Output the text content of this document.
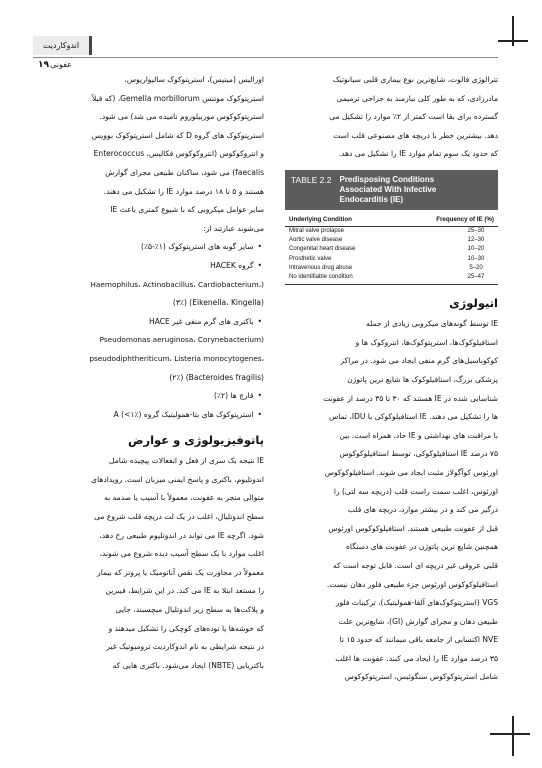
اندوکاردیت عفونی
۱۹

تترالوژی فالوت، شایع‌ترین نوع بیماری قلبی سیانوتیک

مادرزادی، که به طور کلی نیازمند به جراحی ترمیمی

گسترده برای بقا است کمتر از ۲٪ موارد را تشکیل می

دهد. بیشترین خطر با دریچه های مصنوعی قلب است

که حدود یک سوم تمام موارد IE را تشکیل می دهد.

TABLE 2.2 Predisposing Conditions
Associated With Infective
Endocarditis (IE)
Underlying Condition	Frequency of IE (%)
Mitral valve prolapse	25–30
Aortic valve disease	12–30
Congenital heart disease	10–20
Prosthetic valve	10–30
Intravenous drug abuse	5–20
No identifiable condition	25–47
اتیولوژی

IE توسط گونه‌های میکروبی زیادی از جمله

استافیلوکوک‌ها، استرپتوکوک‌ها، انتروکوک ها و

کوکوباسیل‌های گرم منفی ایجاد می شود. در مراکز

پزشکی بزرگ، استافیلوکوک ها شایع ترین پاتوژن

شناسایی شده در IE هستند که ۳۰ تا ۳۵ درصد از عفونت

ها را تشکیل می دهند. IE استافیلوکوکی با IDU، تماس

با مراقبت های بهداشتی و IE حاد، همراه است. بین

۷۵ درصد IE استافیلوکوکی، توسط استافیلوکوکوس

اورئوس کوآگولاز مثبت ایجاد می شوند. استافیلوکوکوس

اورئوس، اغلب سمت راست قلب (دریچه سه لتی) را

درگیر می کند و در بیشتر موارد، دریچه های قلب

قبل از عفونت طبیعی هستند. استافیلوکوکوس اورئوس

همچنین شایع ترین پاتوژن در عفونت های دستگاه

قلبی عروقی غیر دریچه ای است. قابل توجه است که

استافیلوکوکوس اورئوس جزء طبیعی فلور دهان نیست.

VGS (استرپتوکوک‌های آلفا-همولیتیک)، ترکیبات فلور

طبیعی دهان و مجرای گوارش (GI)، شایع‌ترین علت

NVE اکتسابی از جامعه باقی میمانند که حدود ۱۵ تا

۳۵ درصد موارد IE را ایجاد می کنند. عفونت ها اغلب

شامل استرپتوکوکوس سنگوئیس، استرپتوکوکوس

اورالیس (میتیس)، استرپتوکوک سالیواریوس،

استرپتوکوک موتنس Gemella morbillorum، (که قبلاً

استرپتوکوکوس موربیلوروم نامیده می شد) می شود.

استرپتوکوک های گروه D که شامل استرپتوکوک بوویس

و انتروکوکوس (انتروکوکوس فکالیس، Enterococcus

faecalis) می شود، ساکنان طبیعی مجرای گوارش

هستند و ۵ تا ۱۸ درصد موارد IE را تشکیل می دهند.

سایر عوامل میکروبی که با شیوع کمتری باعث IE

می‌شوند عبارتند از:

• سایر گونه های استرپتوکوک (۱٪-۵٪)

• گروه HACEK

Haemophilus، Actinobacillus، Cardiobacterium،)

(Eikenella، Kingella) (۳٪)

• باکتری های گرم منفی غیر HACE

Pseudomonas aeruginosa، Corynebacterium)

pseudodiphtheriticum، Listeria monocytogenes،

(Bacteroides fragilis) (۲٪)

• قارچ ها (۲٪)

• استرپتوکوک های بتا-همولیتیک گروه A (<۱٪)

پاتوفیزیولوژی و عوارض

IE نتیجه یک سری از فعل و انفعالات پیچیده شامل

اندوتلیوم، باکتری و پاسخ ایمنی میزبان است. رویدادهای

متوالی منجر به عفونت، معمولاً با آسیب یا صدمه به

سطح اندوتلیال، اغلب در یک لت دریچه قلب شروع می

شود. اگرچه IE می تواند در اندوتلیوم طبیعی رخ دهد،

اغلب موارد با یک سطح آسیب دیده شروع می شوند،

معمولاً در مجاورت یک نقص آناتومیک یا پروتز که بیمار

را مستعد ابتلا به IE می کند. در این شرایط، فیبرین

و پلاکت‌ها به سطح زیر اندوتلیال میچسبند، جایی

که خوشه‌ها یا توده‌های کوچکی را تشکیل میدهند و

در نتیجه شرایطی به نام اندوکاردیت ترومبوتیک غیر

باکتریایی (NBTE) ایجاد می‌شود. باکتری هایی که
